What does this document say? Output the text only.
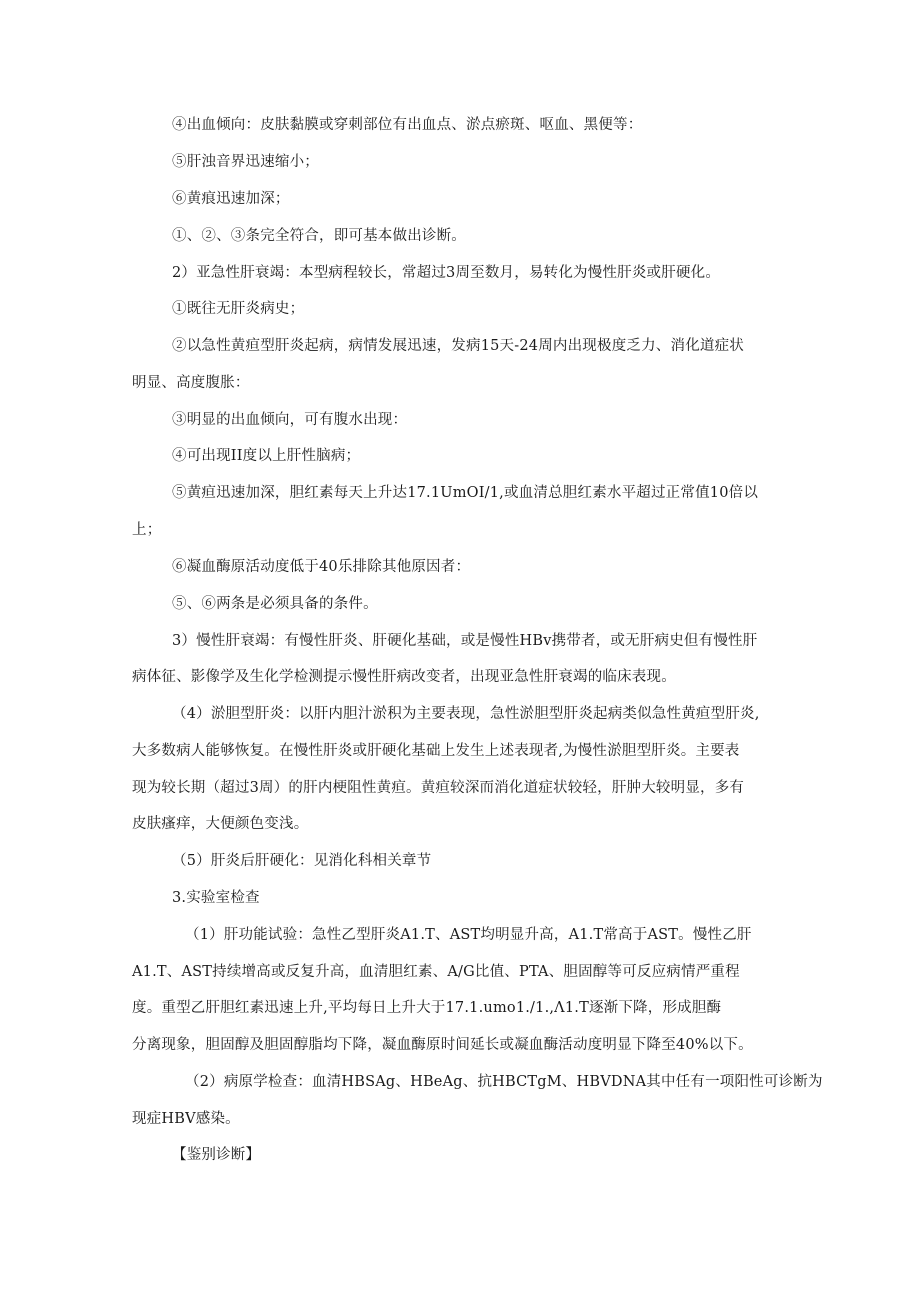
④出血倾向：皮肤黏膜或穿刺部位有出血点、淤点瘀斑、呕血、黑便等：
⑤肝浊音界迅速缩小；
⑥黄痕迅速加深；
①、②、③条完全符合，即可基本做出诊断。
2）亚急性肝衰竭：本型病程较长，常超过3周至数月，易转化为慢性肝炎或肝硬化。
①既往无肝炎病史；
②以急性黄疸型肝炎起病，病情发展迅速，发病15天-24周内出现极度乏力、消化道症状
明显、高度腹胀：
③明显的出血倾向，可有腹水出现：
④可出现II度以上肝性脑病；
⑤黄疸迅速加深，胆红素每天上升达17.1UmOI/1,或血清总胆红素水平超过正常值10倍以
上；
⑥凝血酶原活动度低于40乐排除其他原因者：
⑤、⑥两条是必须具备的条件。
3）慢性肝衰竭：有慢性肝炎、肝硬化基础，或是慢性HBv携带者，或无肝病史但有慢性肝
病体征、影像学及生化学检测提示慢性肝病改变者，出现亚急性肝衰竭的临床表现。
（4）淤胆型肝炎：以肝内胆汁淤积为主要表现，急性淤胆型肝炎起病类似急性黄疸型肝炎,
大多数病人能够恢复。在慢性肝炎或肝硬化基础上发生上述表现者,为慢性淤胆型肝炎。主要表
现为较长期（超过3周）的肝内梗阻性黄疸。黄疸较深而消化道症状较轻，肝肿大较明显，多有
皮肤瘙痒，大便颜色变浅。
（5）肝炎后肝硬化：见消化科相关章节
3.实验室检查
（1）肝功能试验：急性乙型肝炎A1.T、AST均明显升高，A1.T常高于AST。慢性乙肝
A1.T、AST持续增高或反复升高，血清胆红素、A/G比值、PTA、胆固醇等可反应病情严重程
度。重型乙肝胆红素迅速上升,平均每日上升大于17.1.umo1./1.,Λ1.T逐渐下降，形成胆酶
分离现象，胆固醇及胆固醇脂均下降，凝血酶原时间延长或凝血酶活动度明显下降至40%以下。
（2）病原学检查：血清HBSAg、HBeAg、抗HBCTgM、HBVDNA其中任有一项阳性可诊断为
现症HBV感染。
【鉴别诊断】
